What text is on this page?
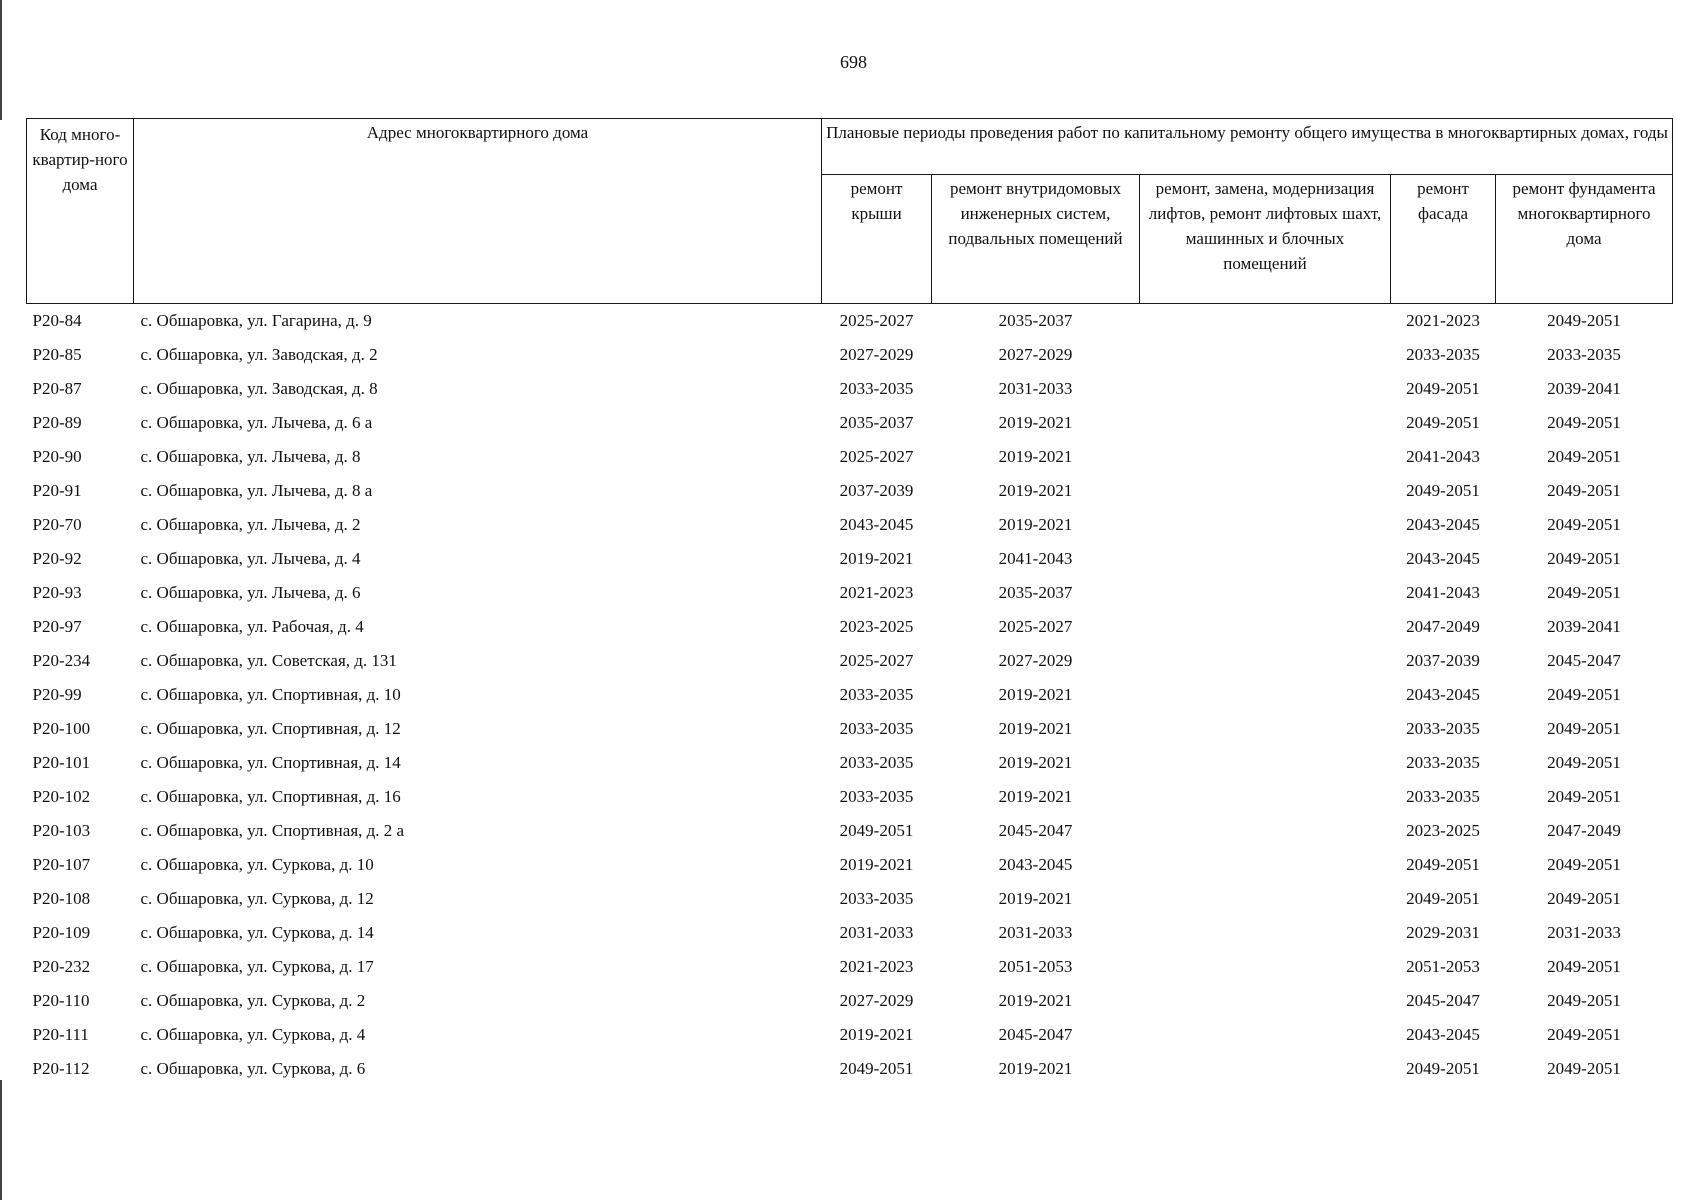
698
Код много-квартир-ного дома	Адрес многоквартирного дома	Плановые периоды проведения работ по капитальному ремонту общего имущества в многоквартирных домах, годы				
		ремонт крыши	ремонт внутридомовых инженерных систем, подвальных помещений	ремонт, замена, модернизация лифтов, ремонт лифтовых шахт, машинных и блочных помещений	ремонт фасада	ремонт фундамента многоквартирного дома
Р20-84	с. Обшаровка, ул. Гагарина, д. 9	2025-2027	2035-2037		2021-2023	2049-2051
Р20-85	с. Обшаровка, ул. Заводская, д. 2	2027-2029	2027-2029		2033-2035	2033-2035
Р20-87	с. Обшаровка, ул. Заводская, д. 8	2033-2035	2031-2033		2049-2051	2039-2041
Р20-89	с. Обшаровка, ул. Лычева, д. 6 а	2035-2037	2019-2021		2049-2051	2049-2051
Р20-90	с. Обшаровка, ул. Лычева, д. 8	2025-2027	2019-2021		2041-2043	2049-2051
Р20-91	с. Обшаровка, ул. Лычева, д. 8 а	2037-2039	2019-2021		2049-2051	2049-2051
Р20-70	с. Обшаровка, ул. Лычева, д. 2	2043-2045	2019-2021		2043-2045	2049-2051
Р20-92	с. Обшаровка, ул. Лычева, д. 4	2019-2021	2041-2043		2043-2045	2049-2051
Р20-93	с. Обшаровка, ул. Лычева, д. 6	2021-2023	2035-2037		2041-2043	2049-2051
Р20-97	с. Обшаровка, ул. Рабочая, д. 4	2023-2025	2025-2027		2047-2049	2039-2041
Р20-234	с. Обшаровка, ул. Советская, д. 131	2025-2027	2027-2029		2037-2039	2045-2047
Р20-99	с. Обшаровка, ул. Спортивная, д. 10	2033-2035	2019-2021		2043-2045	2049-2051
Р20-100	с. Обшаровка, ул. Спортивная, д. 12	2033-2035	2019-2021		2033-2035	2049-2051
Р20-101	с. Обшаровка, ул. Спортивная, д. 14	2033-2035	2019-2021		2033-2035	2049-2051
Р20-102	с. Обшаровка, ул. Спортивная, д. 16	2033-2035	2019-2021		2033-2035	2049-2051
Р20-103	с. Обшаровка, ул. Спортивная, д. 2 а	2049-2051	2045-2047		2023-2025	2047-2049
Р20-107	с. Обшаровка, ул. Суркова, д. 10	2019-2021	2043-2045		2049-2051	2049-2051
Р20-108	с. Обшаровка, ул. Суркова, д. 12	2033-2035	2019-2021		2049-2051	2049-2051
Р20-109	с. Обшаровка, ул. Суркова, д. 14	2031-2033	2031-2033		2029-2031	2031-2033
Р20-232	с. Обшаровка, ул. Суркова, д. 17	2021-2023	2051-2053		2051-2053	2049-2051
Р20-110	с. Обшаровка, ул. Суркова, д. 2	2027-2029	2019-2021		2045-2047	2049-2051
Р20-111	с. Обшаровка, ул. Суркова, д. 4	2019-2021	2045-2047		2043-2045	2049-2051
Р20-112	с. Обшаровка, ул. Суркова, д. 6	2049-2051	2019-2021		2049-2051	2049-2051
